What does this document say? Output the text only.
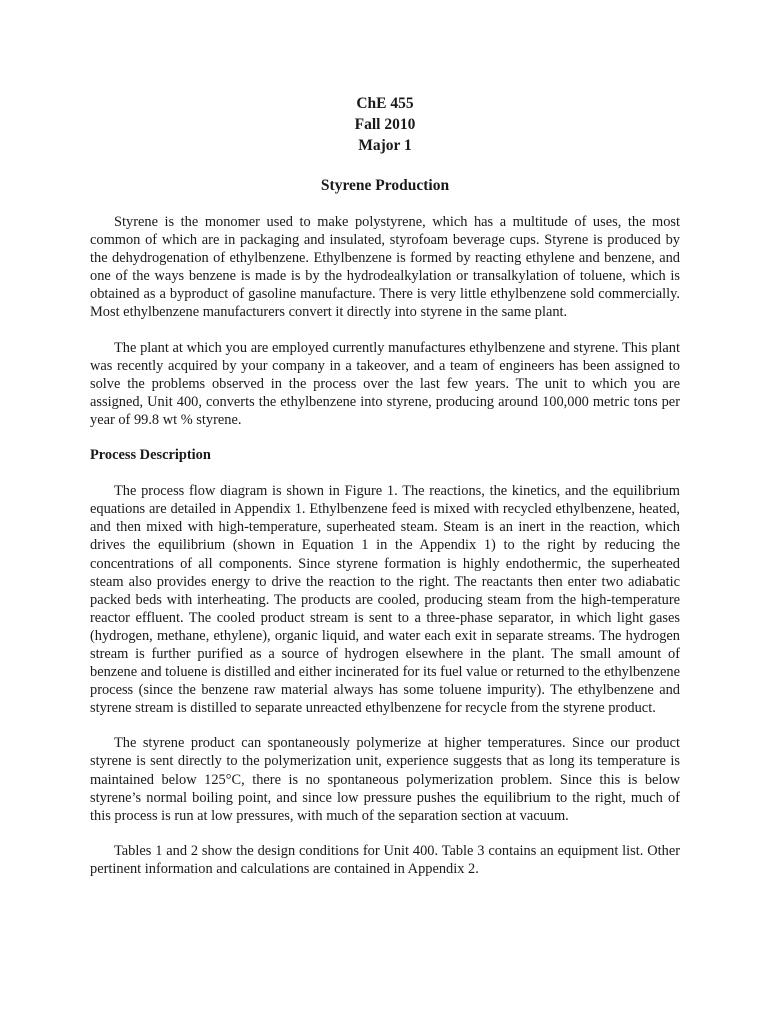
ChE 455
Fall 2010
Major 1
Styrene Production

Styrene is the monomer used to make polystyrene, which has a multitude of uses, the most common of which are in packaging and insulated, styrofoam beverage cups. Styrene is produced by the dehydrogenation of ethylbenzene. Ethylbenzene is formed by reacting ethylene and benzene, and one of the ways benzene is made is by the hydrodealkylation or transalkylation of toluene, which is obtained as a byproduct of gasoline manufacture. There is very little ethylbenzene sold commercially. Most ethylbenzene manufacturers convert it directly into styrene in the same plant.

The plant at which you are employed currently manufactures ethylbenzene and styrene. This plant was recently acquired by your company in a takeover, and a team of engineers has been assigned to solve the problems observed in the process over the last few years. The unit to which you are assigned, Unit 400, converts the ethylbenzene into styrene, producing around 100,000 metric tons per year of 99.8 wt % styrene.

Process Description

The process flow diagram is shown in Figure 1. The reactions, the kinetics, and the equilibrium equations are detailed in Appendix 1. Ethylbenzene feed is mixed with recycled ethylbenzene, heated, and then mixed with high-temperature, superheated steam. Steam is an inert in the reaction, which drives the equilibrium (shown in Equation 1 in the Appendix 1) to the right by reducing the concentrations of all components. Since styrene formation is highly endothermic, the superheated steam also provides energy to drive the reaction to the right. The reactants then enter two adiabatic packed beds with interheating. The products are cooled, producing steam from the high-temperature reactor effluent. The cooled product stream is sent to a three-phase separator, in which light gases (hydrogen, methane, ethylene), organic liquid, and water each exit in separate streams. The hydrogen stream is further purified as a source of hydrogen elsewhere in the plant. The small amount of benzene and toluene is distilled and either incinerated for its fuel value or returned to the ethylbenzene process (since the benzene raw material always has some toluene impurity). The ethylbenzene and styrene stream is distilled to separate unreacted ethylbenzene for recycle from the styrene product.

The styrene product can spontaneously polymerize at higher temperatures. Since our product styrene is sent directly to the polymerization unit, experience suggests that as long its temperature is maintained below 125°C, there is no spontaneous polymerization problem. Since this is below styrene’s normal boiling point, and since low pressure pushes the equilibrium to the right, much of this process is run at low pressures, with much of the separation section at vacuum.

Tables 1 and 2 show the design conditions for Unit 400. Table 3 contains an equipment list. Other pertinent information and calculations are contained in Appendix 2.
